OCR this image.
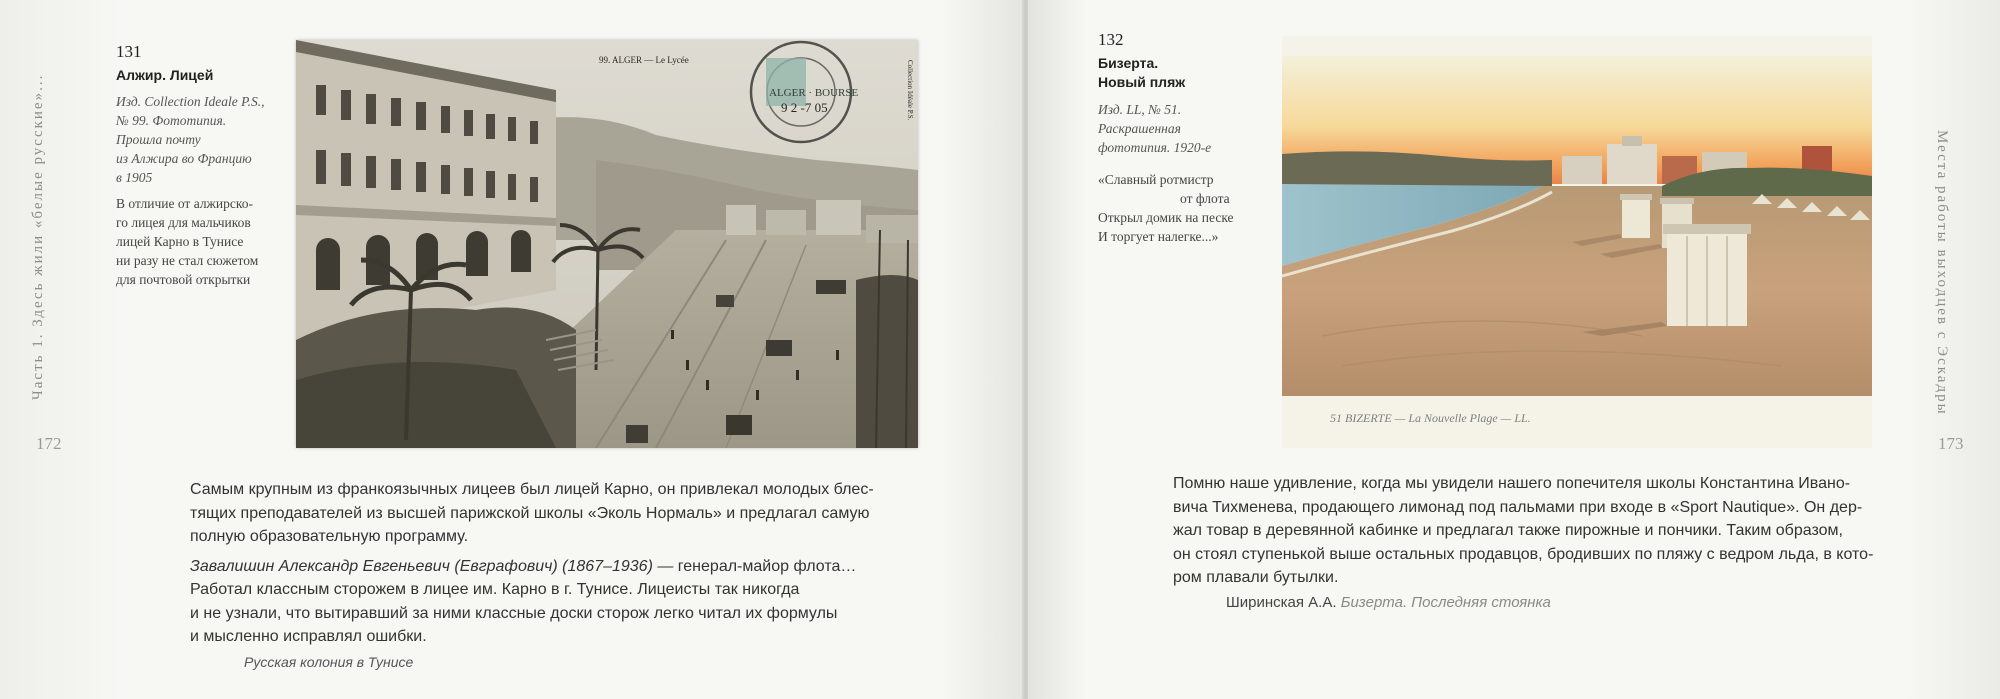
Часть 1. Здесь жили «белые русские»...
172
131
Алжир. Лицей
Изд. Collection Ideale P.S.,
№ 99. Фототипия.
Прошла почту
из Алжира во Францию
в 1905
В отличие от алжирско-
го лицея для мальчиков
лицей Карно в Тунисе
ни разу не стал сюжетом
для почтовой открытки
ALGER · BOURSE
9 2 -7 05
99. ALGER — Le Lycée	Collection Idéale P.S.

Самым крупным из франкоязычных лицеев был лицей Карно, он привлекал молодых блес-
тящих преподавателей из высшей парижской школы «Эколь Нормаль» и предлагал самую
полную образовательную программу.

Завалишин Александр Евгеньевич (Евграфович) (1867–1936) — генерал-майор флота…
Работал классным сторожем в лицее им. Карно в г. Тунисе. Лицеисты так никогда
и не узнали, что вытиравший за ними классные доски сторож легко читал их формулы
и мысленно исправлял ошибки.

Русская колония в Тунисе
Места работы выходцев с Эскадры
173
132
Бизерта.
Новый пляж
Изд. LL, № 51.
Раскрашенная
фототипия. 1920-е
«Славный ротмистр
от флота
Открыл домик на песке
И торгует налегке...»
51 BIZERTE — La Nouvelle Plage — LL.

Помню наше удивление, когда мы увидели нашего попечителя школы Константина Ивано-
вича Тихменева, продающего лимонад под пальмами при входе в «Sport Nautique». Он дер-
жал товар в деревянной кабинке и предлагал также пирожные и пончики. Таким образом,
он стоял ступенькой выше остальных продавцов, бродивших по пляжу с ведром льда, в кото-
ром плавали бутылки.

Ширинская А.А. Бизерта. Последняя стоянка
